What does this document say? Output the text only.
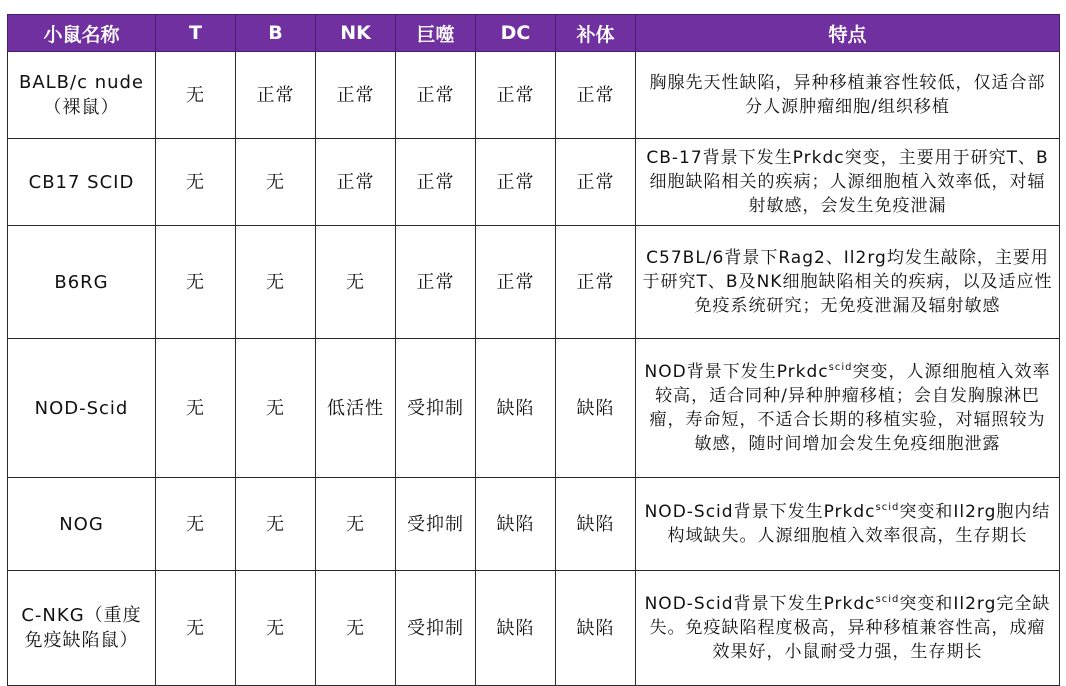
小鼠名称	T	B	NK	巨噬	DC	补体	特点

BALB/c nude
（裸鼠）	无	正常	正常	正常	正常	正常	胸腺先天性缺陷，异种移植兼容性较低，仅适合部分人源肿瘤细胞/组织移植
CB17 SCID	无	无	正常	正常	正常	正常	CB-17背景下发生Prkdc突变，主要用于研究T、B细胞缺陷相关的疾病；人源细胞植入效率低，对辐射敏感，会发生免疫泄漏
B6RG	无	无	无	正常	正常	正常	C57BL/6背景下Rag2、Il2rg均发生敲除，主要用于研究T、B及NK细胞缺陷相关的疾病，以及适应性免疫系统研究；无免疫泄漏及辐射敏感
NOD-Scid	无	无	低活性	受抑制	缺陷	缺陷	NOD背景下发生Prkdc$^{scid}$突变，人源细胞植入效率较高，适合同种/异种肿瘤移植；会自发胸腺淋巴瘤，寿命短，不适合长期的移植实验，对辐照较为敏感，随时间增加会发生免疫细胞泄露
NOG	无	无	无	受抑制	缺陷	缺陷	NOD-Scid背景下发生Prkdc$^{scid}$突变和Il2rg胞内结构域缺失。人源细胞植入效率很高，生存期长

C-NKG（重度
免疫缺陷鼠）	无	无	无	受抑制	缺陷	缺陷	NOD-Scid背景下发生Prkdc$^{scid}$突变和Il2rg完全缺失。免疫缺陷程度极高，异种移植兼容性高，成瘤效果好，小鼠耐受力强，生存期长
